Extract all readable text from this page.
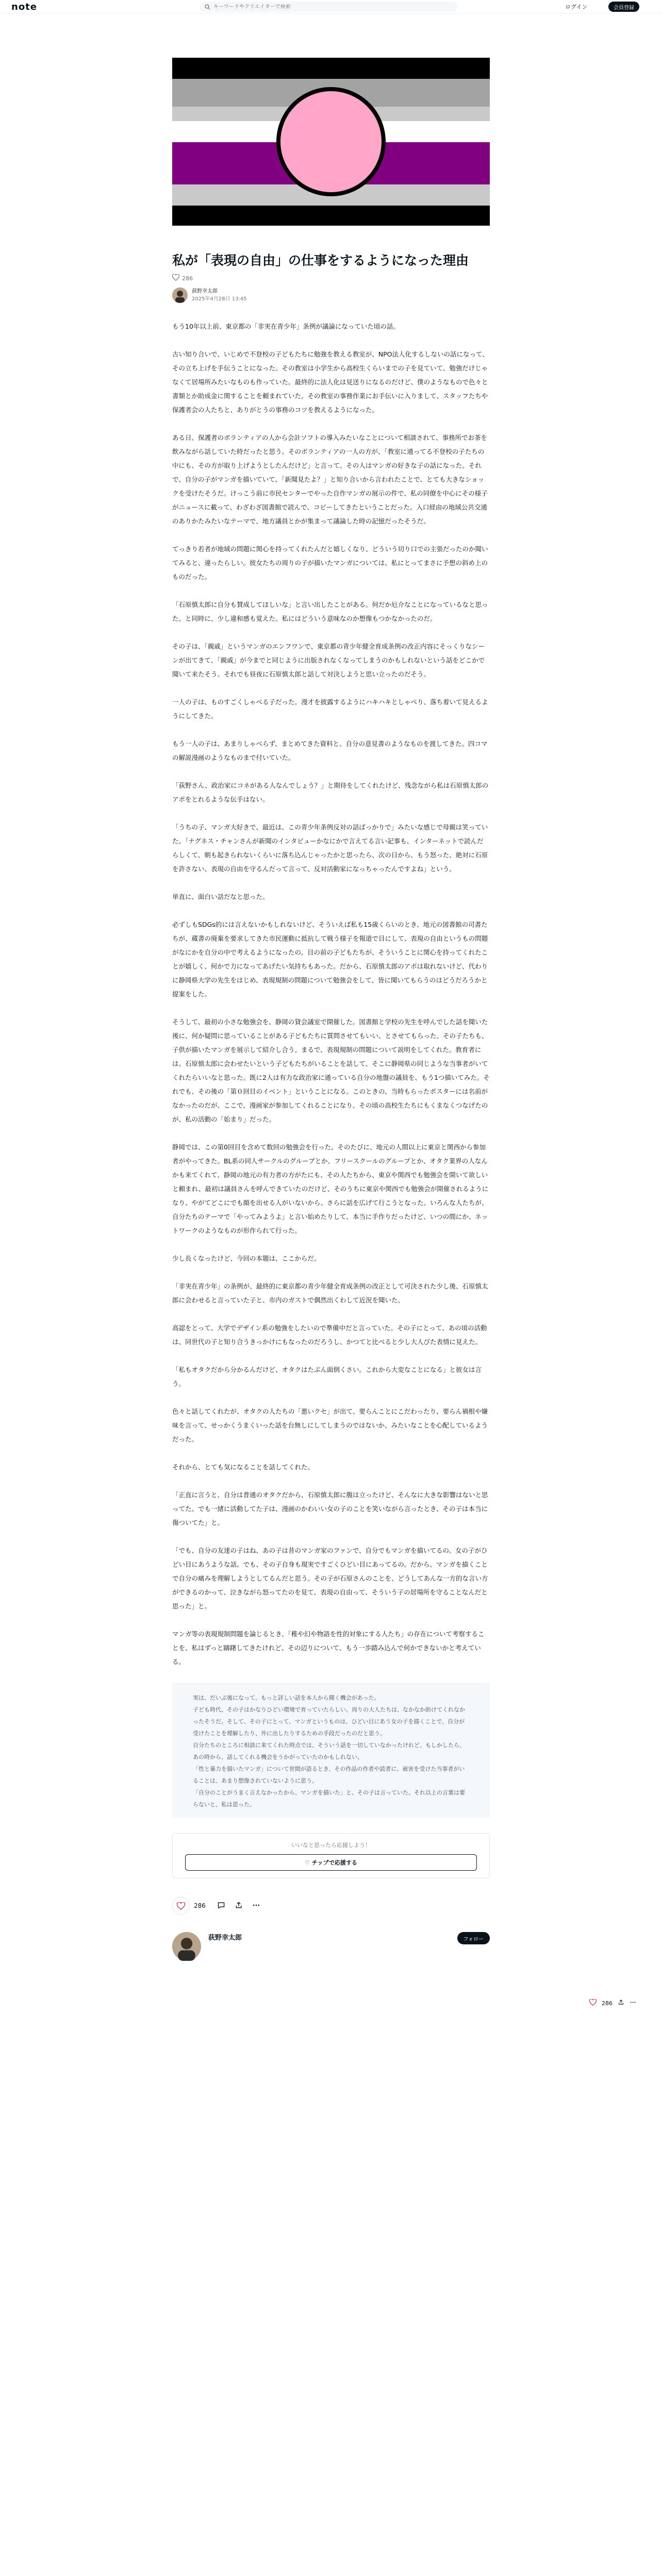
note
キーワードやクリエイターで検索	ログイン	会員登録
私が「表現の自由」の仕事をするようになった理由
286
荻野幸太郎
2025年4月28日 13:45

もう10年以上前、東京都の「非実在青少年」条例が議論になっていた頃の話。

古い知り合いで、いじめで不登校の子どもたちに勉強を教える教室が、NPO法人化するしないの話になって、その立ち上げを手伝うことになった。その教室は小学生から高校生くらいまでの子を見ていて、勉強だけじゃなくて居場所みたいなものも作っていた。最終的に法人化は見送りになるのだけど、僕のようなもので色々と書類とか助成金に関することを頼まれていた。その教室の事務作業にお手伝いに入りまして、スタッフたちや保護者会の人たちと、ありがとうの事務のコツを教えるようになった。

ある日、保護者のボランティアの人から会計ソフトの導入みたいなことについて相談されて、事務所でお茶を飲みながら話していた時だったと思う。そのボランティアの一人の方が、「教室に通ってる不登校の子たちの中にも、その方が取り上げようとしたんだけど」と言って。その人はマンガの好きな子の話になった。それで、自分の子がマンガを描いていて、「新聞見たよ？」と知り合いから言われたことで、とても大きなショックを受けたそうだ。けっこう前に市民センターでやった自作マンガの展示の件で、私の同僚を中心にその様子がニュースに載って、わざわざ図書館で読んで、コピーしてきたということだった。入口経由の地域公共交通のありかたみたいなテーマで、地方議員とかが集まって議論した時の記憶だったそうだ。

てっきり若者が地域の問題に関心を持ってくれたんだと嬉しくなり、どういう切り口での主張だったのか聞いてみると、違ったらしい。彼女たちの周りの子が描いたマンガについては、私にとってまさに予想の斜め上のものだった。

「石原慎太郎に自分も賛成してほしいな」と言い出したことがある。何だか厄介なことになっているなと思った。と同時に、少し違和感も覚えた。私にはどういう意味なのか想像もつかなかったのだ。

その子は、「親戚」というマンガのエンフワンで、東京都の青少年健全育成条例の改正内容にそっくりなシーンが出てきて、「親戚」が今までと同じように出版されなくなってしまうのかもしれないという話をどこかで聞いて来たそう。それでも昼夜に石原慎太郎と話して対決しようと思い立ったのだそう。

一人の子は、ものすごくしゃべる子だった。漫才を披露するようにハキハキとしゃべり、落ち着いて見えるようにしてきた。

もう一人の子は、あまりしゃべらず、まとめてきた資料と、自分の意見書のようなものを渡してきた。四コマの解説漫画のようなものまで付いていた。

「荻野さん、政治家にコネがある人なんでしょう？」と期待をしてくれたけど、残念ながら私は石原慎太郎のアポをとれるような伝手はない。

「うちの子、マンガ大好きで、最近は、この青少年条例反対の話ばっかりで」みたいな感じで母親は笑っていた。「ナグネス・チャンさんが新聞のインタビューかなにかで言えてる言い記事も、インターネットで読んだらしくて、朝も起きられないくらいに落ち込んじゃったかと思ったら、次の日から、もう怒った、絶対に石原を許さない、表現の自由を守るんだって言って、反対活動家になっちゃったんですよね」という。

単直に、面白い話だなと思った。

必ずしもSDGs的には言えないかもしれないけど、そういえば私も15歳くらいのとき、地元の図書館の司書たちが、蔵書の廃棄を要求してきた市民運動に抵抗して戦う様子を報道で目にして、表現の自由というもの問題がなにかを自分の中で考えるようになったの。目の前の子どもたちが、そういうことに関心を持ってくれたことが嬉しく、何かで力になってあげたい気持ちもあった。だから、石原慎太郎のアポは取れないけど、代わりに静岡県大学の先生をはじめ、表現規制の問題について勉強会をして、皆に聞いてもらうのはどうだろうかと提案をした。

そうして、最初の小さな勉強会を、静岡の貸会議室で開催した。図書館と学校の先生を呼んでした話を聞いた後に、何か疑問に思っていることがある子どもたちに質問させてもいい、とさせてもらった。その子たちも、子供が描いたマンガを展示して紹介し合う。まるで、表現規制の問題について説明をしてくれた。教育者には、石原慎太郎に会わせたいという子どもたちがいることを話して、そこに静岡県の同じような当事者がいてくれたらいいなと思った。既に2人は有力な政治家に通っている自分の地盤の議員を、もう1つ描いてみた。それでも、その後の「第０回目のイベント」ということになる。このときの、当時もらったポスターには名前がなかったのだが、ここで、漫画家が参加してくれることになり、その頃の高校生たちにもくまなくつなげたのが、私の活動の「始まり」だった。

静岡では、この第0回目を含めて数回の勉強会を行った。そのたびに、地元の人間以上に東京と関西から参加者がやってきた。BL系の同人サークルのグループとか、フリースクールのグループとか、オタク業界の人なんかも来てくれて、静岡の地元の有力者の方がたにも、その人たちから、東京や関西でも勉強会を開いて欲しいと頼まれ、最初は議員さんを呼んできていたのだけど、そのうちに東京や関西でも勉強会が開催されるようになり、やがてどこにでも顔を出せる人がいないから、さらに話を広げて行こうとなった。いろんな人たちが、自分たちのテーマで「やってみようよ」と言い始めたりして、本当に手作りだったけど、いつの間にか、ネットワークのようなものが形作られて行った。

少し長くなったけど、今回の本題は、ここからだ。

「非実在青少年」の条例が、最終的に東京都の青少年健全育成条例の改正として可決された少し後、石原慎太郎に会わせると言っていた子と、市内のガストで偶然出くわして近況を聞いた。

高認をとって、大学でデザイン系の勉強をしたいので準備中だと言っていた。その子にとって、あの頃の活動は、同世代の子と知り合うきっかけにもなったのだろうし、かつてと比べると少し大人びた表情に見えた。

「私もオタクだから分かるんだけど、オタクはたぶん面倒くさい。これから大変なことになる」と彼女は言う。

色々と話してくれたが、オタクの人たちの「悪いクセ」が出て、要らんことにこだわったり、要らん禍根や嫌味を言って、せっかくうまくいった話を台無しにしてしまうのではないか、みたいなことを心配しているようだった。

それから、とても気になることを話してくれた。

「正直に言うと、自分は普通のオタクだから、石原慎太郎に腹は立ったけど、そんなに大きな影響はないと思ってた。でも一緒に活動してた子は、漫画のかわいい女の子のことを笑いながら言ったとき、その子は本当に傷ついてた」と。

「でも、自分の友達の子はね、あの子は昔のマンガ家のファンで、自分でもマンガを描いてるの。女の子がひどい目にあうような話。でも、その子自身も現実ですごくひどい目にあってるの。だから、マンガを描くことで自分の痛みを理解しようとしてるんだと思う。その子が石原さんのことを、どうしてあんな一方的な言い方ができるのかって、泣きながら怒ってたのを見て、表現の自由って、そういう子の居場所を守ることなんだと思った」と。

マンガ等の表現規制問題を論じるとき、「稚や幻や物語を性的対象にする人たち」の存在について考察することを、私はずっと躊躇してきたけれど、その辺りについて、もう一歩踏み込んで何かできないかと考えている。

実は、だいぶ後になって、もっと詳しい話を本人から聞く機会があった。

子ども時代、その子はかなりひどい環境で育っていたらしい。周りの大人たちは、なかなか助けてくれなかったそうだ。そして、その子にとって、マンガというものは、ひどい目にあう女の子を描くことで、自分が受けたことを理解したり、外に出したりするための手段だったのだと思う。

自分たちのところに相談に来てくれた時点では、そういう話を一切していなかったけれど、もしかしたら、あの時から、話してくれる機会をうかがっていたのかもしれない。

「性と暴力を描いたマンガ」について世間が語るとき、その作品の作者や読者に、被害を受けた当事者がいることは、あまり想像されていないように思う。

「自分のことがうまく言えなかったから、マンガを描いた」と、その子は言っていた。それ以上の言葉は要らないと、私は思った。

いいなと思ったら応援しよう！
♡ チップで応援する
286
荻野幸太郎	フォロー
286
